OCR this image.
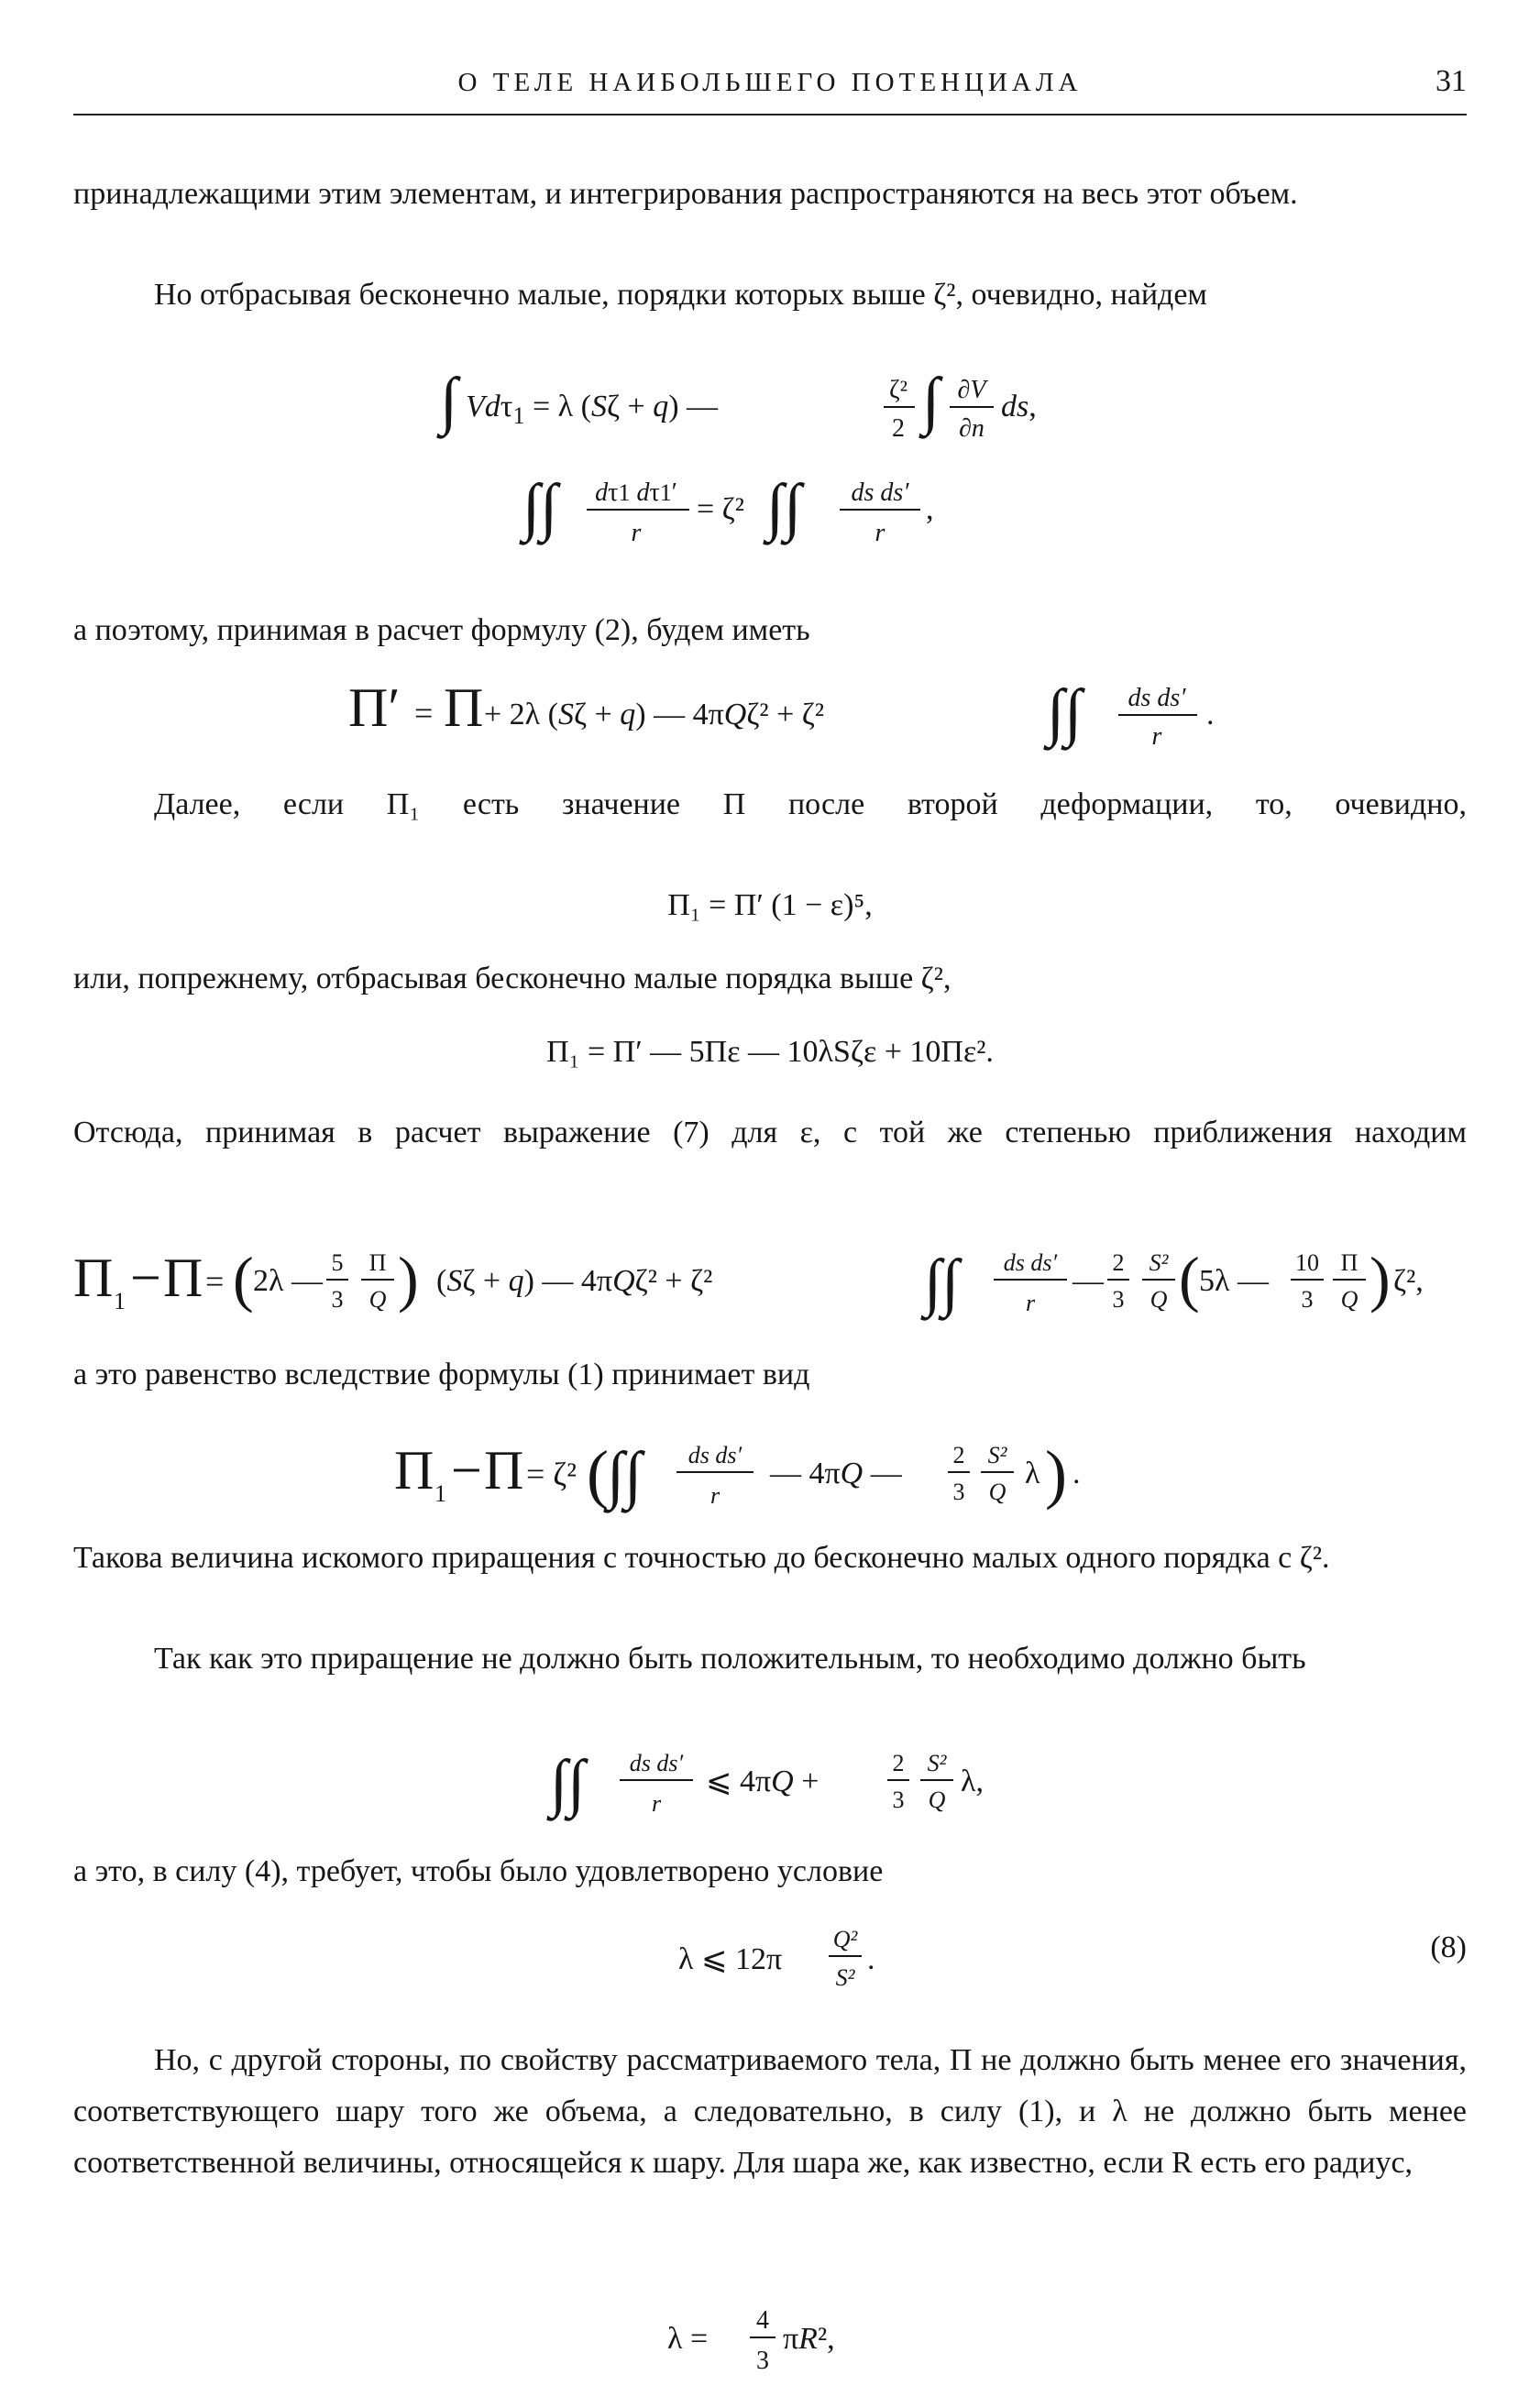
О ТЕЛЕ НАИБОЛЬШЕГО ПОТЕНЦИАЛА	31

принадлежащими этим элементам, и интегрирования распространяются на весь этот объем.

Но отбрасывая бесконечно малые, порядки которых выше ζ², очевидно, найдем

∫ Vdτ$_1$ = λ (Sζ + q) —	ζ²
2 ∫ ∂V
∂n
ds,
∫∫ dτ1 dτ1′
r
= ζ² ∫∫ ds ds′
r
,

а поэтому, принимая в расчет формулу (2), будем иметь

Π′ = Π + 2λ (Sζ + q) — 4πQζ² + ζ²	∫∫ ds ds′
r
.

Далее, если П₁ есть значение П после второй деформации, то, очевидно,

П₁ = П′ (1 − ε)⁵,

или, попрежнему, отбрасывая бесконечно малые порядка выше ζ²,

П₁ = П′ — 5Пε — 10λSζε + 10Пε².

Отсюда, принимая в расчет выражение (7) для ε, с той же степенью приближения находим

Π 1 − Π = ( 2λ —
5
3
П
Q ) (Sζ + q) — 4πQζ² + ζ²	∫∫ ds ds′
r
—
2
3
S²
Q ( 5λ —
10
3
П
Q ) ζ²,

а это равенство вследствие формулы (1) принимает вид

Π 1 − Π = ζ² (
∫∫ ds ds′
r
— 4πQ —
2
3
S²
Q
λ ) .

Такова величина искомого приращения с точностью до бесконечно малых одного порядка с ζ².

Так как это приращение не должно быть положительным, то необходимо должно быть

∫∫ ds ds′
r
⩽ 4πQ +
2
3
S²
Q
λ,

а это, в силу (4), требует, чтобы было удовлетворено условие

λ ⩽ 12π
Q²
S²
.	(8)

Но, с другой стороны, по свойству рассматриваемого тела, П не должно быть менее его значения, соответствующего шару того же объема, а следовательно, в силу (1), и λ не должно быть менее соответственной величины, относящейся к шару. Для шара же, как известно, если R есть его радиус,

λ =
4
3
πR²,
